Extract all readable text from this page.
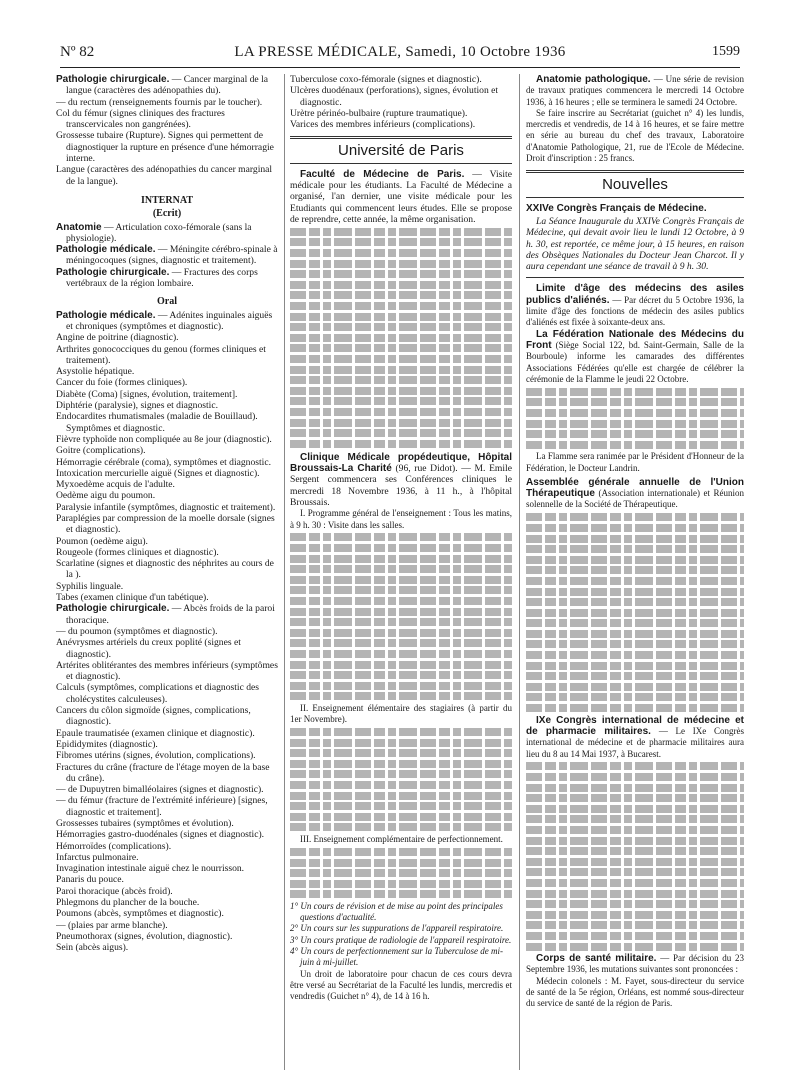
Nº 82	LA PRESSE MÉDICALE, Samedi, 10 Octobre 1936	1599

Pathologie chirurgicale. — Cancer marginal de la langue (caractères des adénopathies du).

— du rectum (renseignements fournis par le toucher).

Col du fémur (signes cliniques des fractures transcervicales non gangrénées).

Grossesse tubaire (Rupture). Signes qui permettent de diagnostiquer la rupture en présence d'une hémorragie interne.

Langue (caractères des adénopathies du cancer marginal de la langue).

INTERNAT
(Ecrit)

Anatomie — Articulation coxo-fémorale (sans la physiologie).

Pathologie médicale. — Méningite cérébro-spinale à méningocoques (signes, diagnostic et traitement).

Pathologie chirurgicale. — Fractures des corps vertébraux de la région lombaire.

Oral

Pathologie médicale. — Adénites inguinales aiguës et chroniques (symptômes et diagnostic).

Angine de poitrine (diagnostic).

Arthrites gonococciques du genou (formes cliniques et traitement).

Asystolie hépatique.

Cancer du foie (formes cliniques).

Diabète (Coma) [signes, évolution, traitement].

Diphtérie (paralysie), signes et diagnostic.

Endocardites rhumatismales (maladie de Bouillaud). Symptômes et diagnostic.

Fièvre typhoïde non compliquée au 8e jour (diagnostic).

Goitre (complications).

Hémorragie cérébrale (coma), symptômes et diagnostic.

Intoxication mercurielle aiguë (Signes et diagnostic).

Myxoedème acquis de l'adulte.

Oedème aigu du poumon.

Paralysie infantile (symptômes, diagnostic et traitement).

Paraplégies par compression de la moelle dorsale (signes et diagnostic).

Poumon (oedème aigu).

Rougeole (formes cliniques et diagnostic).

Scarlatine (signes et diagnostic des néphrites au cours de la ).

Syphilis linguale.

Tabes (examen clinique d'un tabétique).

Pathologie chirurgicale. — Abcès froids de la paroi thoracique.

— du poumon (symptômes et diagnostic).

Anévrysmes artériels du creux poplité (signes et diagnostic).

Artérites oblitérantes des membres inférieurs (symptômes et diagnostic).

Calculs (symptômes, complications et diagnostic des cholécystites calculeuses).

Cancers du côlon sigmoïde (signes, complications, diagnostic).

Epaule traumatisée (examen clinique et diagnostic).

Epididymites (diagnostic).

Fibromes utérins (signes, évolution, complications).

Fractures du crâne (fracture de l'étage moyen de la base du crâne).

— de Dupuytren bimalléolaires (signes et diagnostic).

— du fémur (fracture de l'extrémité inférieure) [signes, diagnostic et traitement].

Grossesses tubaires (symptômes et évolution).

Hémorragies gastro-duodénales (signes et diagnostic).

Hémorroïdes (complications).

Infarctus pulmonaire.

Invagination intestinale aiguë chez le nourrisson.

Panaris du pouce.

Paroi thoracique (abcès froid).

Phlegmons du plancher de la bouche.

Poumons (abcès, symptômes et diagnostic).

— (plaies par arme blanche).

Pneumothorax (signes, évolution, diagnostic).

Sein (abcès aigus).

Tuberculose coxo-fémorale (signes et diagnostic).

Ulcères duodénaux (perforations), signes, évolution et diagnostic.

Urètre périnéo-bulbaire (rupture traumatique).

Varices des membres inférieurs (complications).

Université de Paris

Faculté de Médecine de Paris. — Visite médicale pour les étudiants. La Faculté de Médecine a organisé, l'an dernier, une visite médicale pour les Etudiants qui commencent leurs études. Elle se propose de reprendre, cette année, la même organisation.

Clinique Médicale propédeutique, Hôpital Broussais-La Charité (96, rue Didot). — M. Emile Sergent commencera ses Conférences cliniques le mercredi 18 Novembre 1936, à 11 h., à l'hôpital Broussais.

I. Programme général de l'enseignement : Tous les matins, à 9 h. 30 : Visite dans les salles.

II. Enseignement élémentaire des stagiaires (à partir du 1er Novembre).

III. Enseignement complémentaire de perfectionnement.

1° Un cours de révision et de mise au point des principales questions d'actualité.

2° Un cours sur les suppurations de l'appareil respiratoire.

3° Un cours pratique de radiologie de l'appareil respiratoire.

4° Un cours de perfectionnement sur la Tuberculose de mi-juin à mi-juillet.

Un droit de laboratoire pour chacun de ces cours devra être versé au Secrétariat de la Faculté les lundis, mercredis et vendredis (Guichet n° 4), de 14 à 16 h.

Anatomie pathologique. — Une série de revision de travaux pratiques commencera le mercredi 14 Octobre 1936, à 16 heures ; elle se terminera le samedi 24 Octobre.

Se faire inscrire au Secrétariat (guichet n° 4) les lundis, mercredis et vendredis, de 14 à 16 heures, et se faire mettre en série au bureau du chef des travaux, Laboratoire d'Anatomie Pathologique, 21, rue de l'Ecole de Médecine. Droit d'inscription : 25 francs.

Nouvelles

XXIVe Congrès Français de Médecine.

La Séance Inaugurale du XXIVe Congrès Français de Médecine, qui devait avoir lieu le lundi 12 Octobre, à 9 h. 30, est reportée, ce même jour, à 15 heures, en raison des Obsèques Nationales du Docteur Jean Charcot. Il y aura cependant une séance de travail à 9 h. 30.

Limite d'âge des médecins des asiles publics d'aliénés. — Par décret du 5 Octobre 1936, la limite d'âge des fonctions de médecin des asiles publics d'aliénés est fixée à soixante-deux ans.

La Fédération Nationale des Médecins du Front (Siège Social 122, bd. Saint-Germain, Salle de la Bourboule) informe les camarades des différentes Associations Fédérées qu'elle est chargée de célébrer la cérémonie de la Flamme le jeudi 22 Octobre.

La Flamme sera ranimée par le Président d'Honneur de la Fédération, le Docteur Landrin.

Assemblée générale annuelle de l'Union Thérapeutique (Association internationale) et Réunion solennelle de la Société de Thérapeutique.

IXe Congrès international de médecine et de pharmacie militaires. — Le IXe Congrès international de médecine et de pharmacie militaires aura lieu du 8 au 14 Mai 1937, à Bucarest.

Corps de santé militaire. — Par décision du 23 Septembre 1936, les mutations suivantes sont prononcées :

Médecin colonels : M. Fayet, sous-directeur du service de santé de la 5e région, Orléans, est nommé sous-directeur du service de santé de la région de Paris.
